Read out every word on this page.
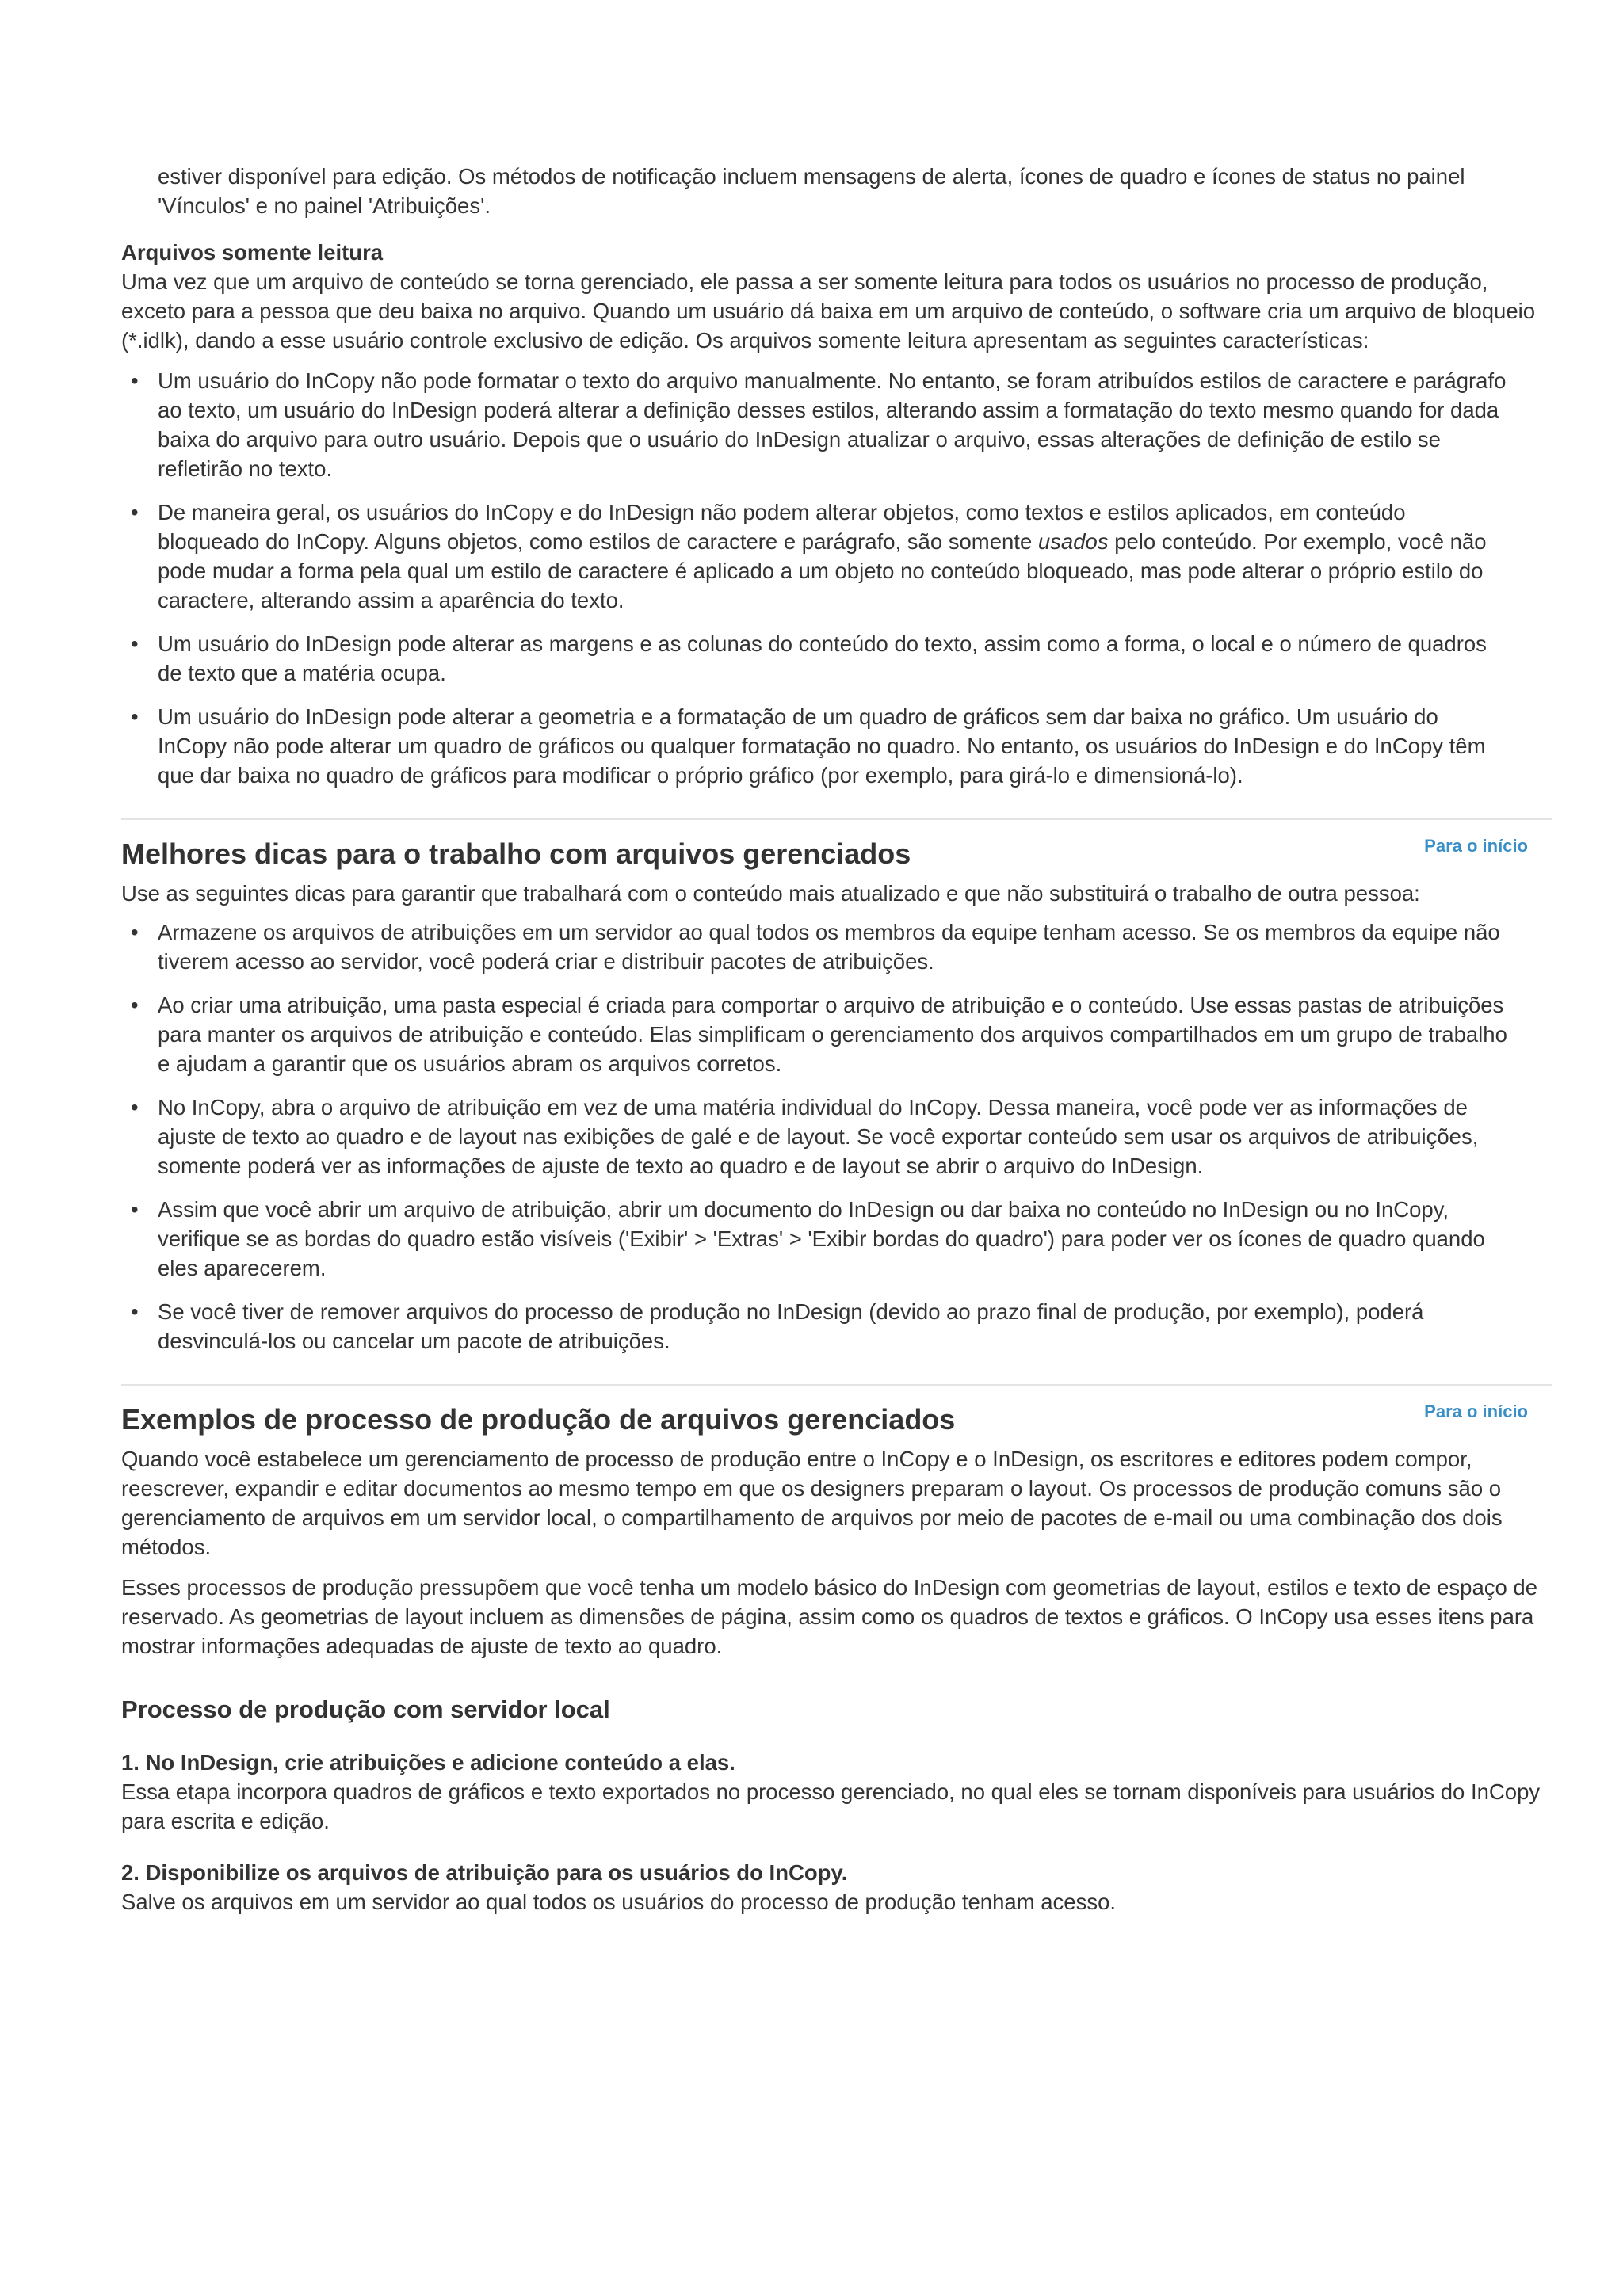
estiver disponível para edição. Os métodos de notificação incluem mensagens de alerta, ícones de quadro e ícones de status no painel 'Vínculos' e no painel 'Atribuições'.

Arquivos somente leitura

Uma vez que um arquivo de conteúdo se torna gerenciado, ele passa a ser somente leitura para todos os usuários no processo de produção, exceto para a pessoa que deu baixa no arquivo. Quando um usuário dá baixa em um arquivo de conteúdo, o software cria um arquivo de bloqueio (*.idlk), dando a esse usuário controle exclusivo de edição. Os arquivos somente leitura apresentam as seguintes características:

• Um usuário do InCopy não pode formatar o texto do arquivo manualmente. No entanto, se foram atribuídos estilos de caractere e parágrafo ao texto, um usuário do InDesign poderá alterar a definição desses estilos, alterando assim a formatação do texto mesmo quando for dada baixa do arquivo para outro usuário. Depois que o usuário do InDesign atualizar o arquivo, essas alterações de definição de estilo se refletirão no texto.
• De maneira geral, os usuários do InCopy e do InDesign não podem alterar objetos, como textos e estilos aplicados, em conteúdo bloqueado do InCopy. Alguns objetos, como estilos de caractere e parágrafo, são somente usados pelo conteúdo. Por exemplo, você não pode mudar a forma pela qual um estilo de caractere é aplicado a um objeto no conteúdo bloqueado, mas pode alterar o próprio estilo do caractere, alterando assim a aparência do texto.
• Um usuário do InDesign pode alterar as margens e as colunas do conteúdo do texto, assim como a forma, o local e o número de quadros de texto que a matéria ocupa.
• Um usuário do InDesign pode alterar a geometria e a formatação de um quadro de gráficos sem dar baixa no gráfico. Um usuário do InCopy não pode alterar um quadro de gráficos ou qualquer formatação no quadro. No entanto, os usuários do InDesign e do InCopy têm que dar baixa no quadro de gráficos para modificar o próprio gráfico (por exemplo, para girá-lo e dimensioná-lo).
Para o início
Melhores dicas para o trabalho com arquivos gerenciados

Use as seguintes dicas para garantir que trabalhará com o conteúdo mais atualizado e que não substituirá o trabalho de outra pessoa:

• Armazene os arquivos de atribuições em um servidor ao qual todos os membros da equipe tenham acesso. Se os membros da equipe não tiverem acesso ao servidor, você poderá criar e distribuir pacotes de atribuições.
• Ao criar uma atribuição, uma pasta especial é criada para comportar o arquivo de atribuição e o conteúdo. Use essas pastas de atribuições para manter os arquivos de atribuição e conteúdo. Elas simplificam o gerenciamento dos arquivos compartilhados em um grupo de trabalho e ajudam a garantir que os usuários abram os arquivos corretos.
• No InCopy, abra o arquivo de atribuição em vez de uma matéria individual do InCopy. Dessa maneira, você pode ver as informações de ajuste de texto ao quadro e de layout nas exibições de galé e de layout. Se você exportar conteúdo sem usar os arquivos de atribuições, somente poderá ver as informações de ajuste de texto ao quadro e de layout se abrir o arquivo do InDesign.
• Assim que você abrir um arquivo de atribuição, abrir um documento do InDesign ou dar baixa no conteúdo no InDesign ou no InCopy, verifique se as bordas do quadro estão visíveis ('Exibir' > 'Extras' > 'Exibir bordas do quadro') para poder ver os ícones de quadro quando eles aparecerem.
• Se você tiver de remover arquivos do processo de produção no InDesign (devido ao prazo final de produção, por exemplo), poderá desvinculá-los ou cancelar um pacote de atribuições.
Para o início
Exemplos de processo de produção de arquivos gerenciados

Quando você estabelece um gerenciamento de processo de produção entre o InCopy e o InDesign, os escritores e editores podem compor, reescrever, expandir e editar documentos ao mesmo tempo em que os designers preparam o layout. Os processos de produção comuns são o gerenciamento de arquivos em um servidor local, o compartilhamento de arquivos por meio de pacotes de e-mail ou uma combinação dos dois métodos.

Esses processos de produção pressupõem que você tenha um modelo básico do InDesign com geometrias de layout, estilos e texto de espaço de reservado. As geometrias de layout incluem as dimensões de página, assim como os quadros de textos e gráficos. O InCopy usa esses itens para mostrar informações adequadas de ajuste de texto ao quadro.

Processo de produção com servidor local

1. No InDesign, crie atribuições e adicione conteúdo a elas.

Essa etapa incorpora quadros de gráficos e texto exportados no processo gerenciado, no qual eles se tornam disponíveis para usuários do InCopy para escrita e edição.

2. Disponibilize os arquivos de atribuição para os usuários do InCopy.

Salve os arquivos em um servidor ao qual todos os usuários do processo de produção tenham acesso.
